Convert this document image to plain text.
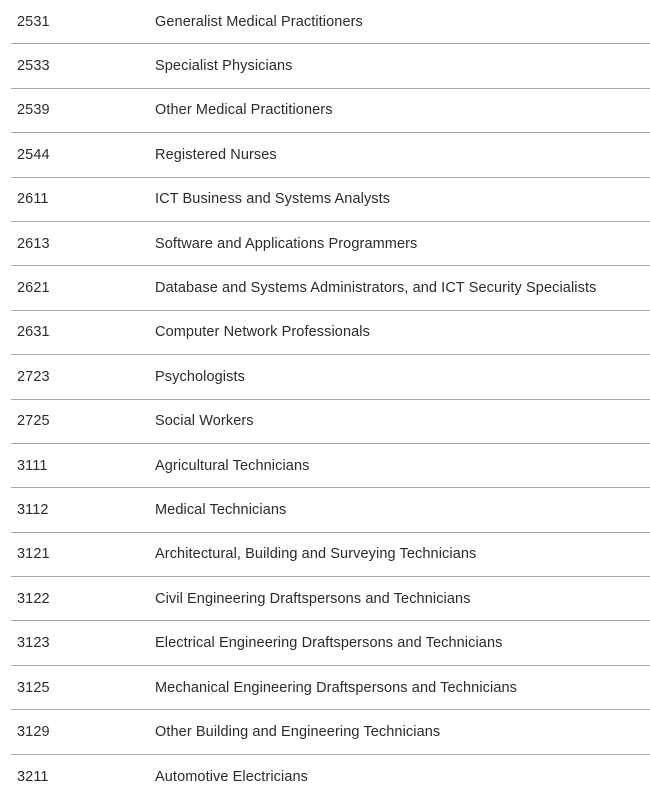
2531	Generalist Medical Practitioners
2533	Specialist Physicians
2539	Other Medical Practitioners
2544	Registered Nurses
2611	ICT Business and Systems Analysts
2613	Software and Applications Programmers
2621	Database and Systems Administrators, and ICT Security Specialists
2631	Computer Network Professionals
2723	Psychologists
2725	Social Workers
3111	Agricultural Technicians
3112	Medical Technicians
3121	Architectural, Building and Surveying Technicians
3122	Civil Engineering Draftspersons and Technicians
3123	Electrical Engineering Draftspersons and Technicians
3125	Mechanical Engineering Draftspersons and Technicians
3129	Other Building and Engineering Technicians
3211	Automotive Electricians
